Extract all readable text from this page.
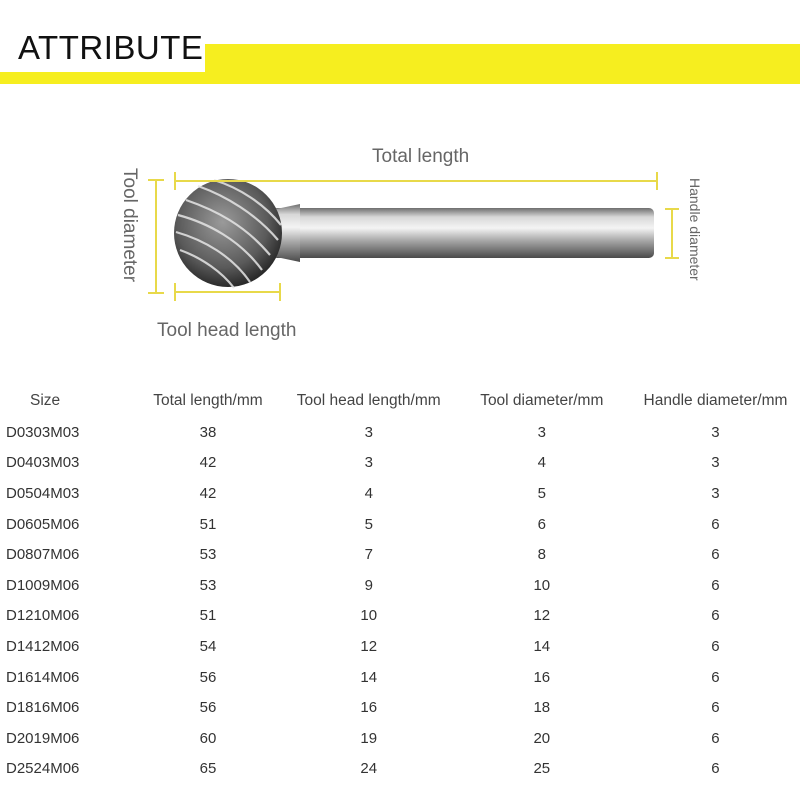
ATTRIBUTE
Total length
Tool head length
Tool diameter	Handle diameter
Size	Total length/mm	Tool head length/mm	Tool diameter/mm	Handle diameter/mm
D0303M03	38	3	3	3
D0403M03	42	3	4	3
D0504M03	42	4	5	3
D0605M06	51	5	6	6
D0807M06	53	7	8	6
D1009M06	53	9	10	6
D1210M06	51	10	12	6
D1412M06	54	12	14	6
D1614M06	56	14	16	6
D1816M06	56	16	18	6
D2019M06	60	19	20	6
D2524M06	65	24	25	6
